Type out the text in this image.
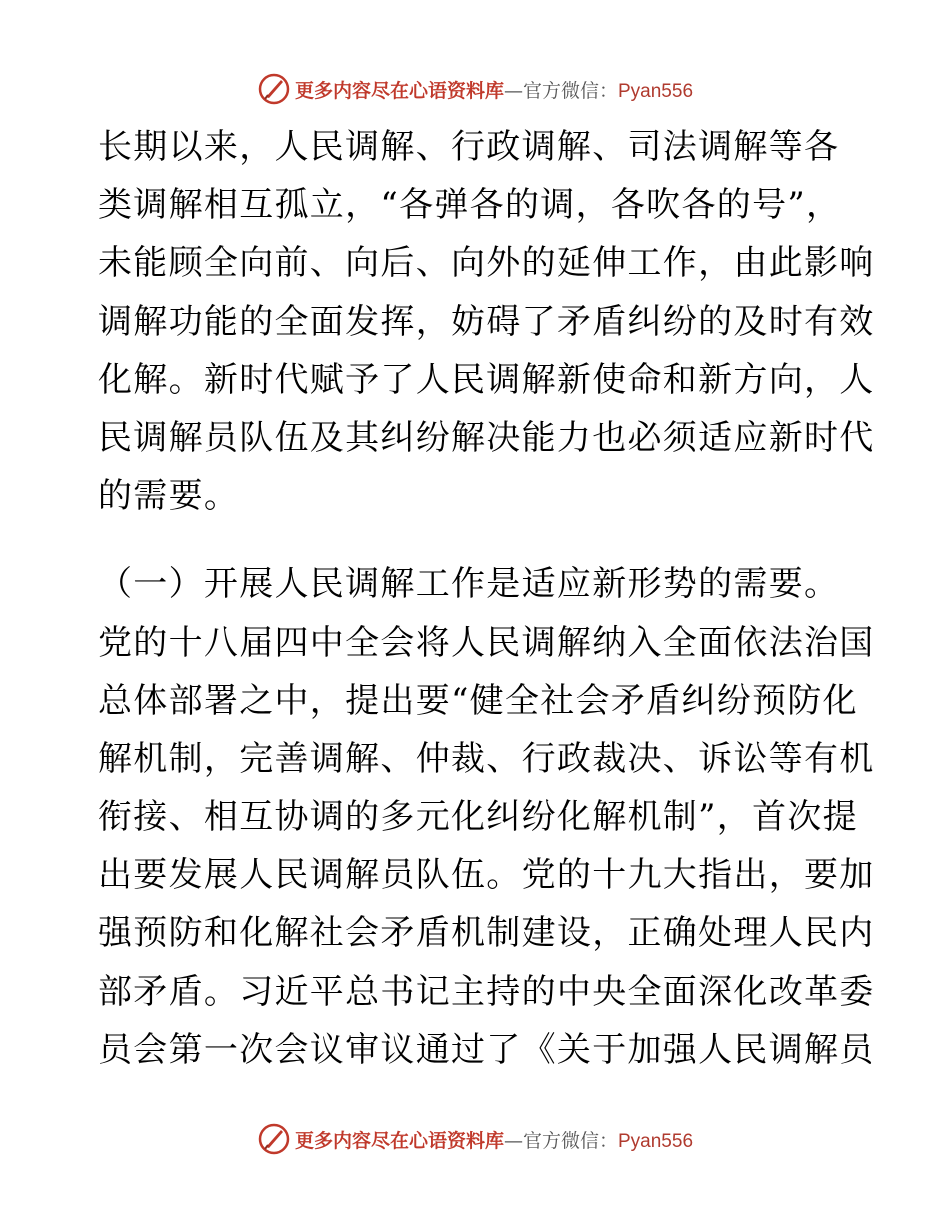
更多内容尽在心语资料库—官方微信：Pyan556
长期以来，人民调解、行政调解、司法调解等各
类调解相互孤立，“各弹各的调，各吹各的号”，
未能顾全向前、向后、向外的延伸工作，由此影响
调解功能的全面发挥，妨碍了矛盾纠纷的及时有效
化解。新时代赋予了人民调解新使命和新方向，人
民调解员队伍及其纠纷解决能力也必须适应新时代
的需要。
（一）开展人民调解工作是适应新形势的需要。
党的十八届四中全会将人民调解纳入全面依法治国
总体部署之中，提出要“健全社会矛盾纠纷预防化
解机制，完善调解、仲裁、行政裁决、诉讼等有机
衔接、相互协调的多元化纠纷化解机制”，首次提
出要发展人民调解员队伍。党的十九大指出，要加
强预防和化解社会矛盾机制建设，正确处理人民内
部矛盾。习近平总书记主持的中央全面深化改革委
员会第一次会议审议通过了《关于加强人民调解员
更多内容尽在心语资料库—官方微信：Pyan556
